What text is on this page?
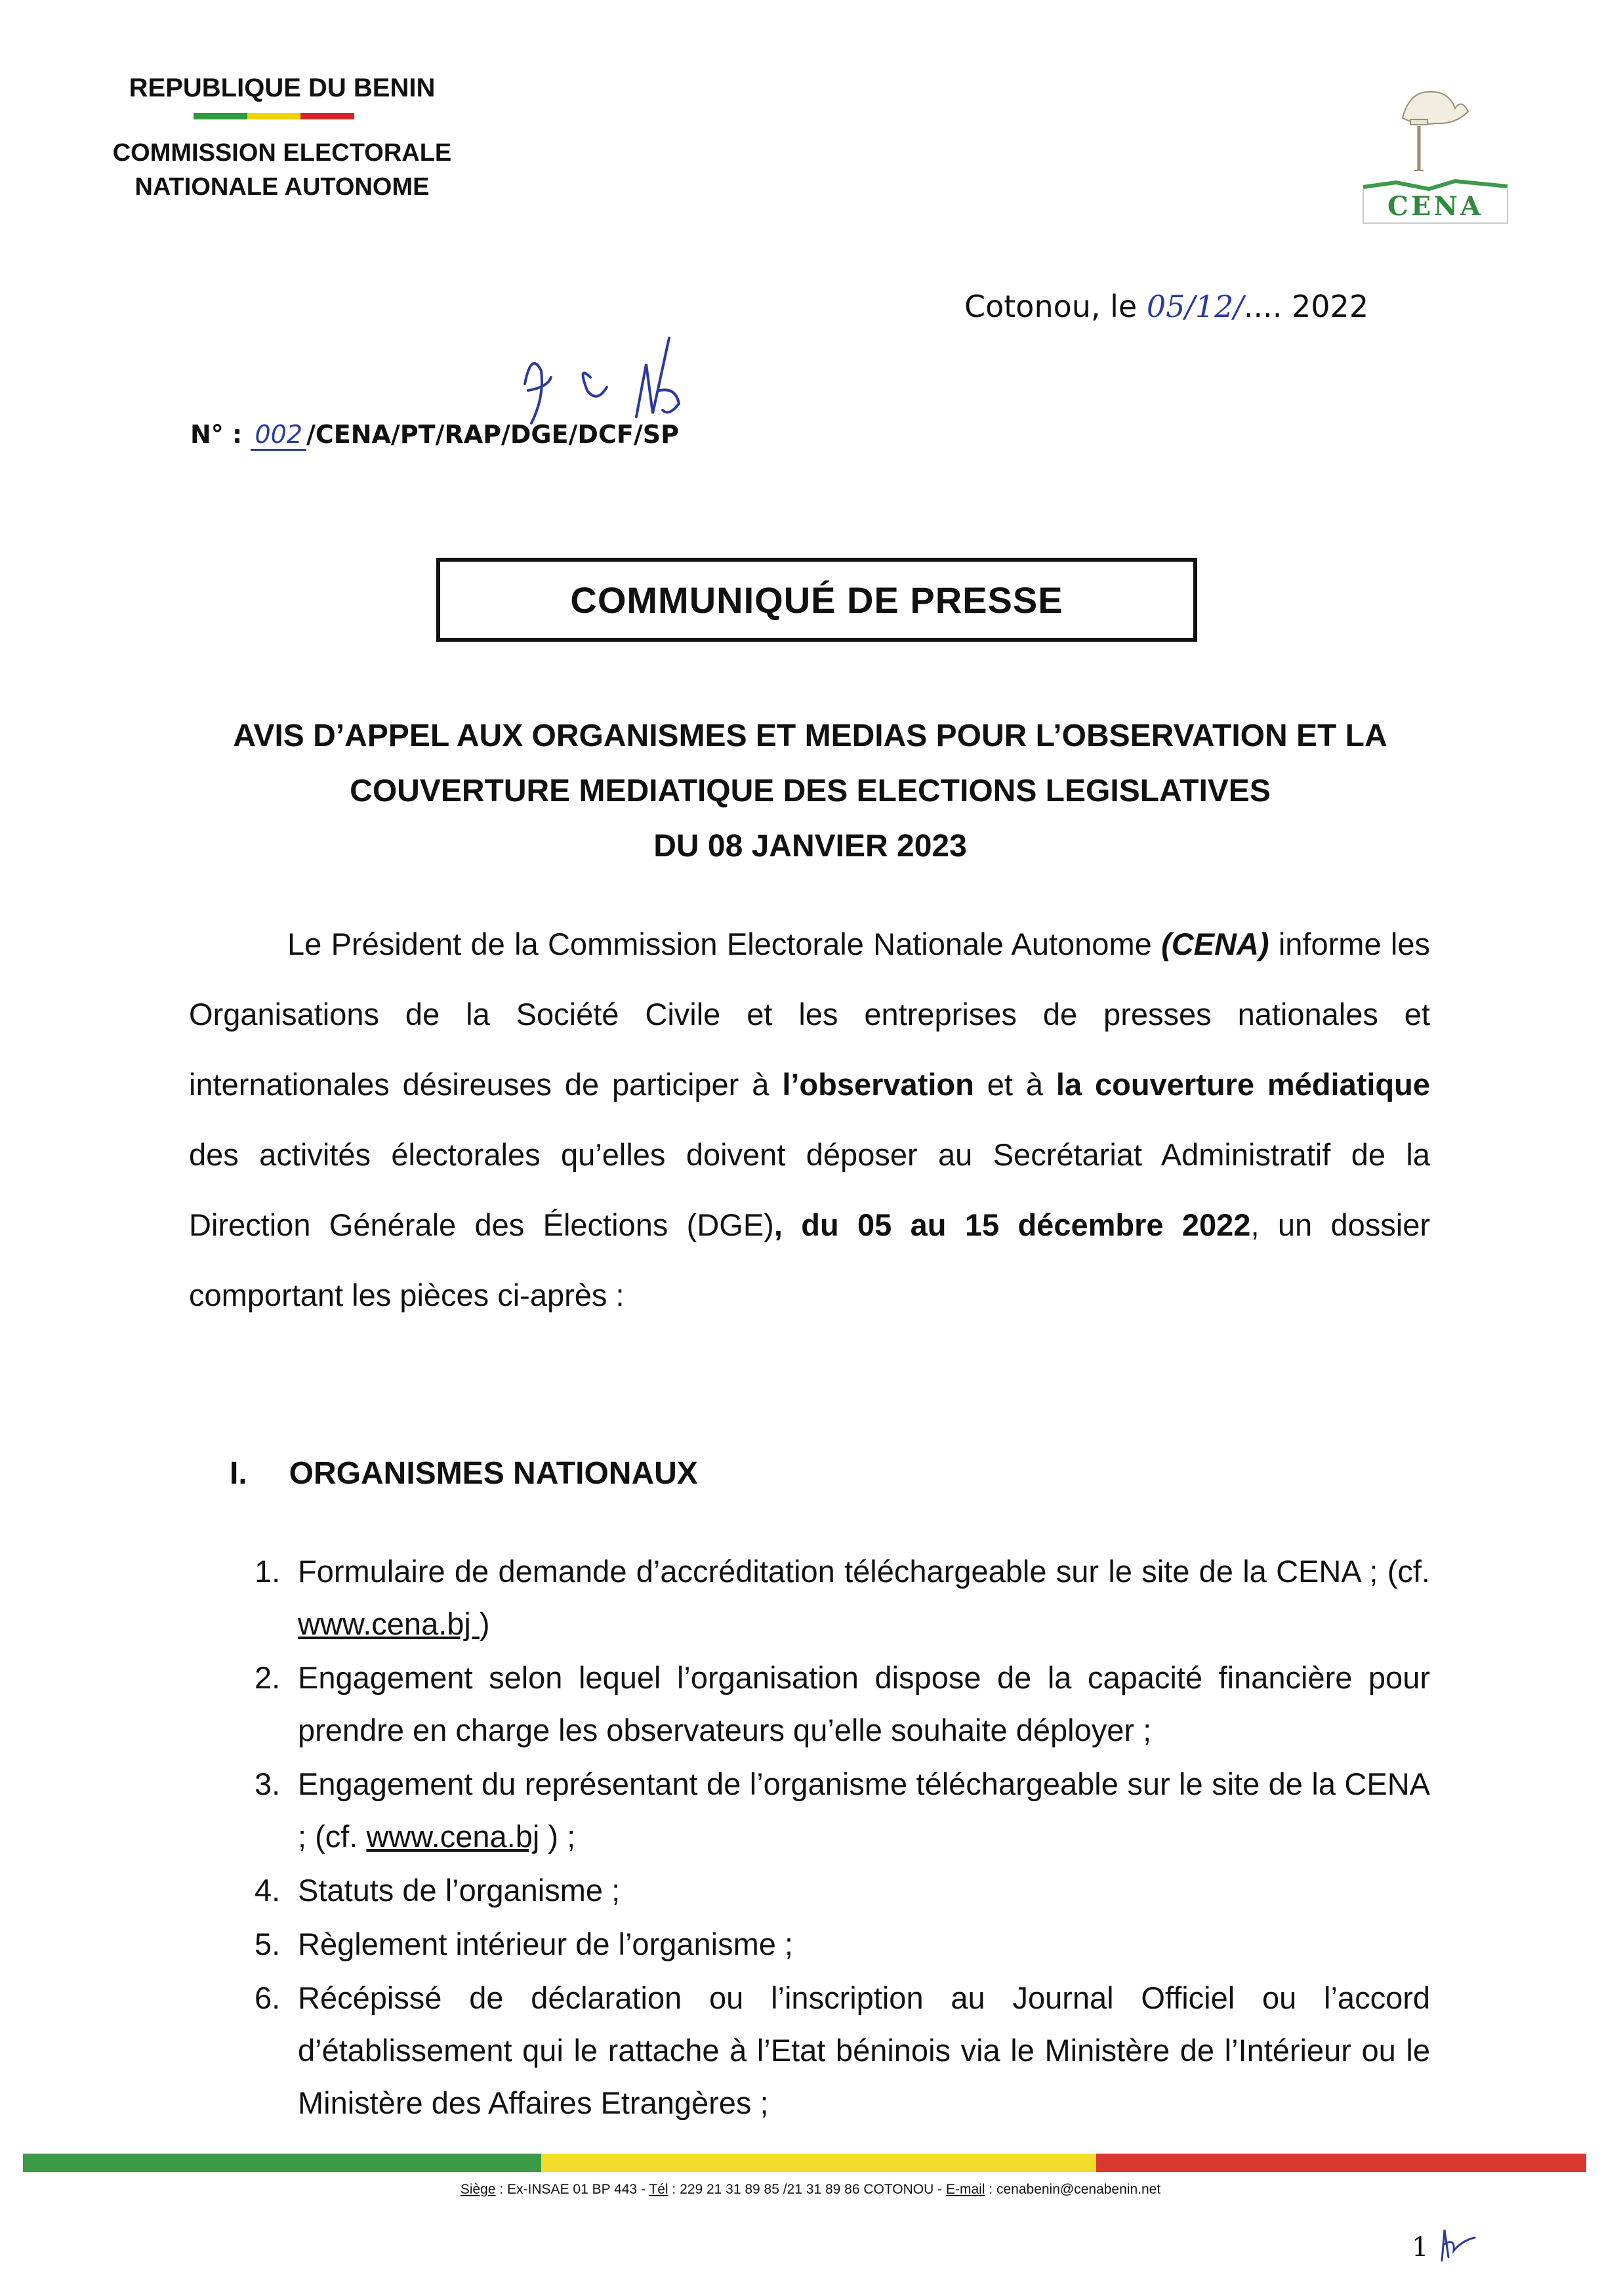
REPUBLIQUE DU BENIN
COMMISSION ELECTORALE
NATIONALE AUTONOME
CENA
Cotonou, le 05/12/.... 2022
N° : 002 /CENA/PT/RAP/DGE/DCF/SP
COMMUNIQUÉ DE PRESSE
AVIS D’APPEL AUX ORGANISMES ET MEDIAS POUR L’OBSERVATION ET LA
COUVERTURE MEDIATIQUE DES ELECTIONS LEGISLATIVES
DU 08 JANVIER 2023
Le Président de la Commission Electorale Nationale Autonome (CENA) informe les Organisations de la Société Civile et les entreprises de presses nationales et internationales désireuses de participer à l’observation et à la couverture médiatique des activités électorales qu’elles doivent déposer au Secrétariat Administratif de la Direction Générale des Élections (DGE), du 05 au 15 décembre 2022, un dossier comportant les pièces ci-après :
I. ORGANISMES NATIONAUX
1. Formulaire de demande d’accréditation téléchargeable sur le site de la CENA ; (cf. www.cena.bj )
2. Engagement selon lequel l’organisation dispose de la capacité financière pour prendre en charge les observateurs qu’elle souhaite déployer ;
3. Engagement du représentant de l’organisme téléchargeable sur le site de la CENA ; (cf. www.cena.bj ) ;
4. Statuts de l’organisme ;
5. Règlement intérieur de l’organisme ;
6. Récépissé de déclaration ou l’inscription au Journal Officiel ou l’accord d’établissement qui le rattache à l’Etat béninois via le Ministère de l’Intérieur ou le Ministère des Affaires Etrangères ;
Siège : Ex-INSAE 01 BP 443 - Tél : 229 21 31 89 85 /21 31 89 86 COTONOU - E-mail : cenabenin@cenabenin.net
1
